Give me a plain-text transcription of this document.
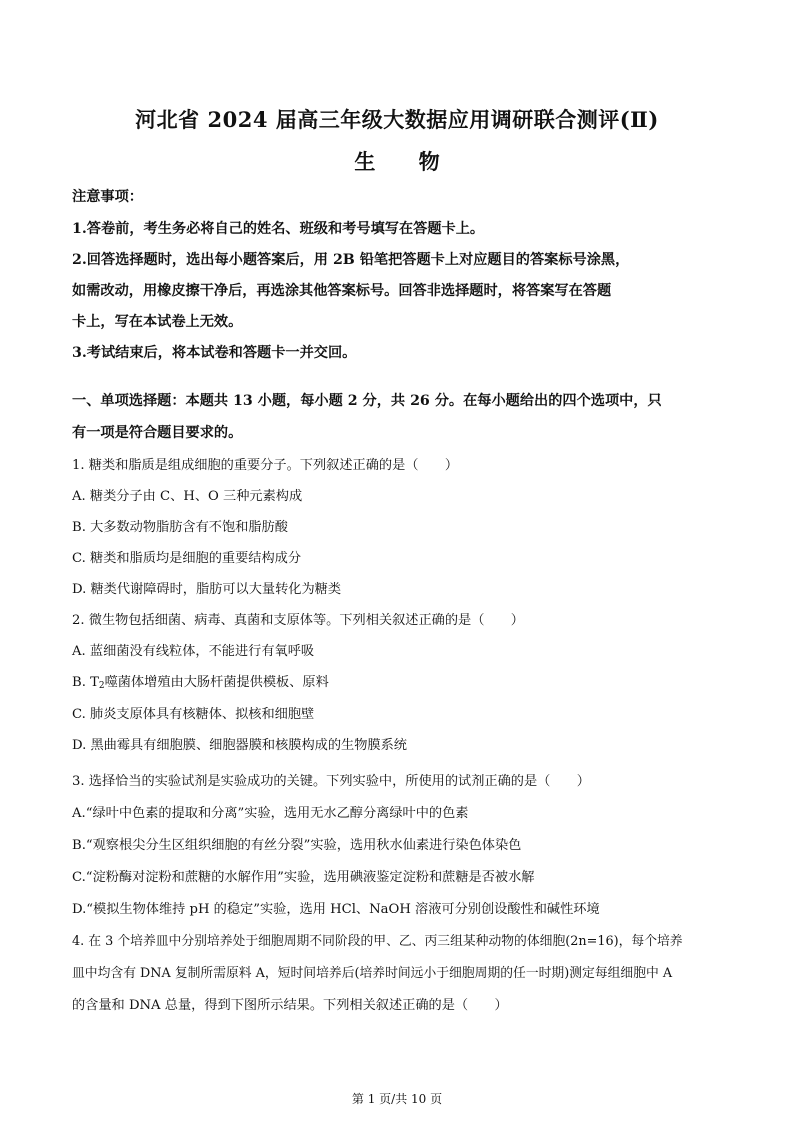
河北省 2024 届高三年级大数据应用调研联合测评(Ⅱ)
生 物
注意事项：
1.答卷前，考生务必将自己的姓名、班级和考号填写在答题卡上。
2.回答选择题时，选出每小题答案后，用 2B 铅笔把答题卡上对应题目的答案标号涂黑，
如需改动，用橡皮擦干净后，再选涂其他答案标号。回答非选择题时，将答案写在答题
卡上，写在本试卷上无效。
3.考试结束后，将本试卷和答题卡一并交回。
一、单项选择题：本题共 13 小题，每小题 2 分，共 26 分。在每小题给出的四个选项中，只
有一项是符合题目要求的。
1. 糖类和脂质是组成细胞的重要分子。下列叙述正确的是（　　）
A. 糖类分子由 C、H、O 三种元素构成
B. 大多数动物脂肪含有不饱和脂肪酸
C. 糖类和脂质均是细胞的重要结构成分
D. 糖类代谢障碍时，脂肪可以大量转化为糖类
2. 微生物包括细菌、病毒、真菌和支原体等。下列相关叙述正确的是（　　）
A. 蓝细菌没有线粒体，不能进行有氧呼吸
B. $T_2$噬菌体增殖由大肠杆菌提供模板、原料
C. 肺炎支原体具有核糖体、拟核和细胞壁
D. 黑曲霉具有细胞膜、细胞器膜和核膜构成的生物膜系统
3. 选择恰当的实验试剂是实验成功的关键。下列实验中，所使用的试剂正确的是（　　）
A.“绿叶中色素的提取和分离”实验，选用无水乙醇分离绿叶中的色素
B.“观察根尖分生区组织细胞的有丝分裂”实验，选用秋水仙素进行染色体染色
C.“淀粉酶对淀粉和蔗糖的水解作用”实验，选用碘液鉴定淀粉和蔗糖是否被水解
D.“模拟生物体维持 pH 的稳定”实验，选用 HCl、NaOH 溶液可分别创设酸性和碱性环境
4. 在 3 个培养皿中分别培养处于细胞周期不同阶段的甲、乙、丙三组某种动物的体细胞(2n=16)，每个培养
皿中均含有 DNA 复制所需原料 A，短时间培养后(培养时间远小于细胞周期的任一时期)测定每组细胞中 A
的含量和 DNA 总量，得到下图所示结果。下列相关叙述正确的是（　　）
第 1 页/共 10 页
